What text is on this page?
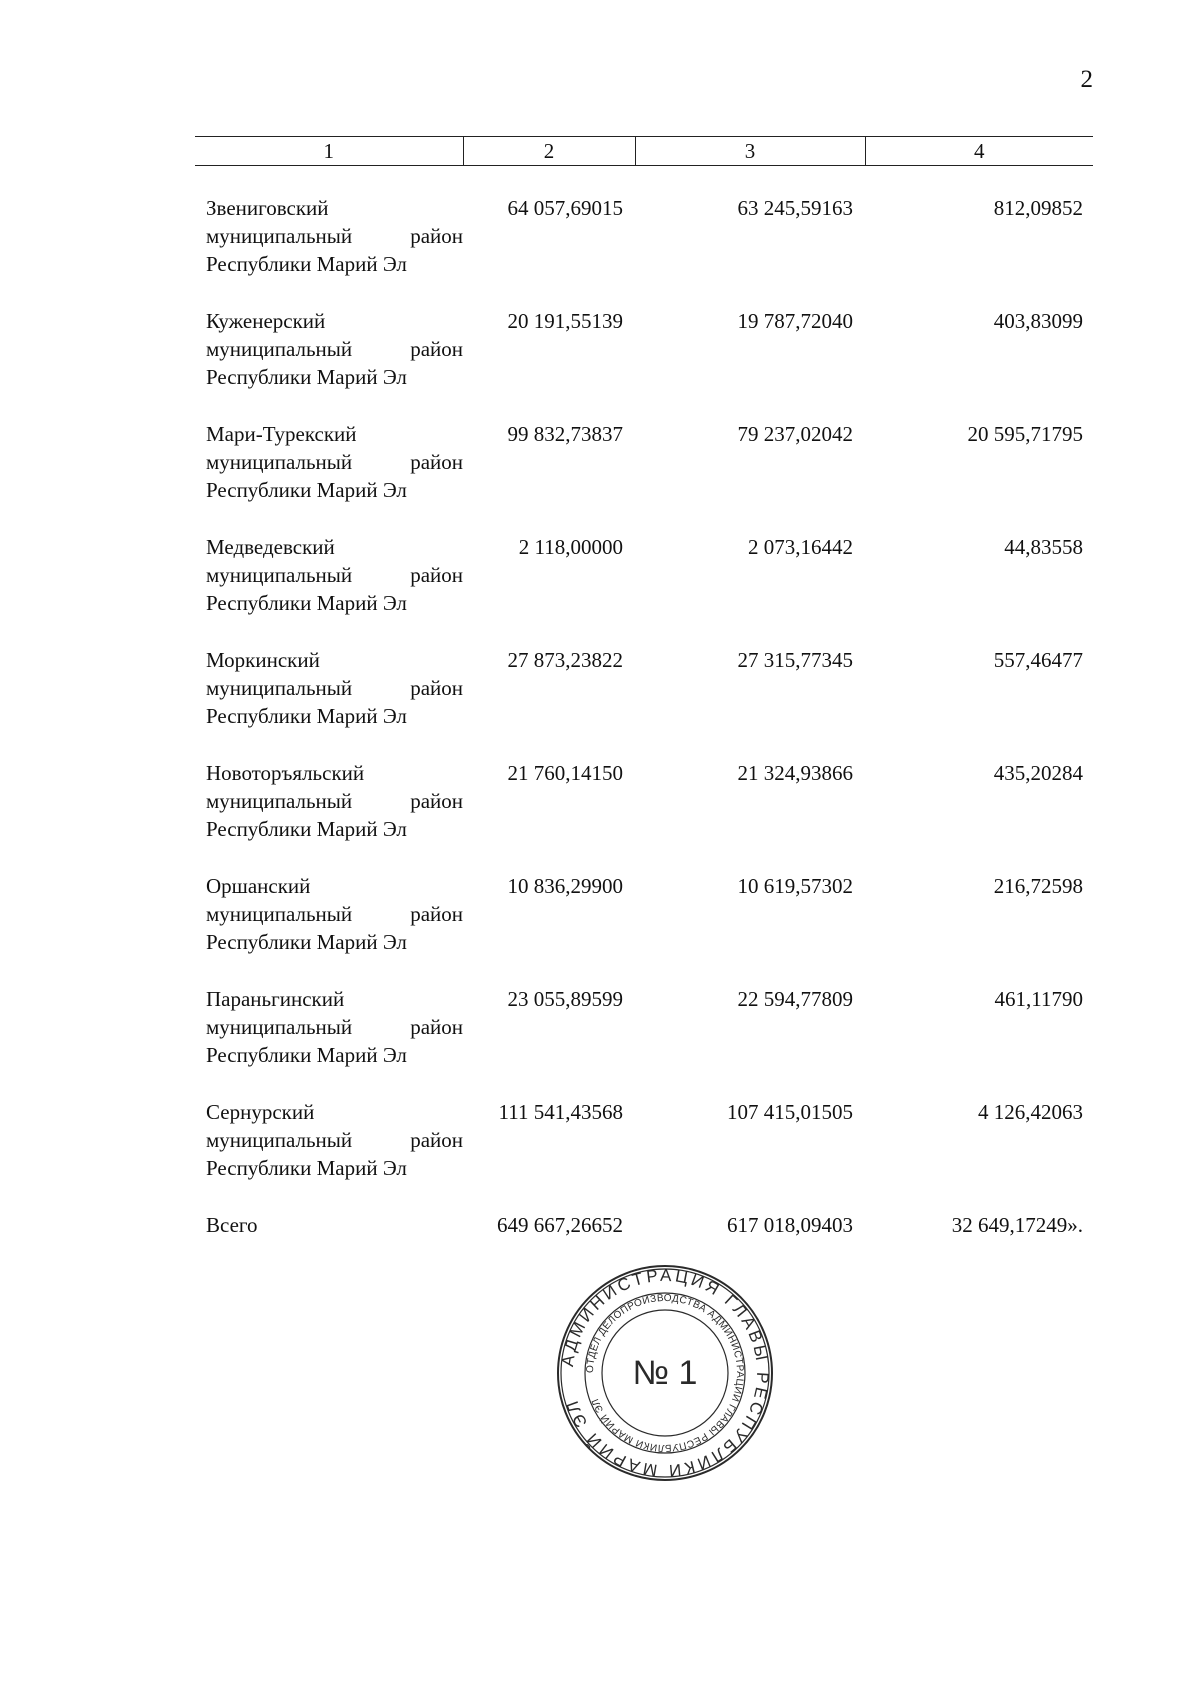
2
1	2	3	4

Звениговский
муниципальный район
Республики Марий Эл	64 057,69015	63 245,59163	812,09852

Куженерский
муниципальный район
Республики Марий Эл	20 191,55139	19 787,72040	403,83099

Мари-Турекский
муниципальный район
Республики Марий Эл	99 832,73837	79 237,02042	20 595,71795

Медведевский
муниципальный район
Республики Марий Эл	2 118,00000	2 073,16442	44,83558

Моркинский
муниципальный район
Республики Марий Эл	27 873,23822	27 315,77345	557,46477

Новоторъяльский
муниципальный район
Республики Марий Эл	21 760,14150	21 324,93866	435,20284

Оршанский
муниципальный район
Республики Марий Эл	10 836,29900	10 619,57302	216,72598

Параньгинский
муниципальный район
Республики Марий Эл	23 055,89599	22 594,77809	461,11790

Сернурский
муниципальный район
Республики Марий Эл	111 541,43568	107 415,01505	4 126,42063
Всего	649 667,26652	617 018,09403	32 649,17249».
АДМИНИСТРАЦИЯ ГЛАВЫ РЕСПУБЛИКИ МАРИЙ ЭЛ
ОТДЕЛ ДЕЛОПРОИЗВОДСТВА АДМИНИСТРАЦИИ ГЛАВЫ РЕСПУБЛИКИ МАРИЙ ЭЛ
№ 1
